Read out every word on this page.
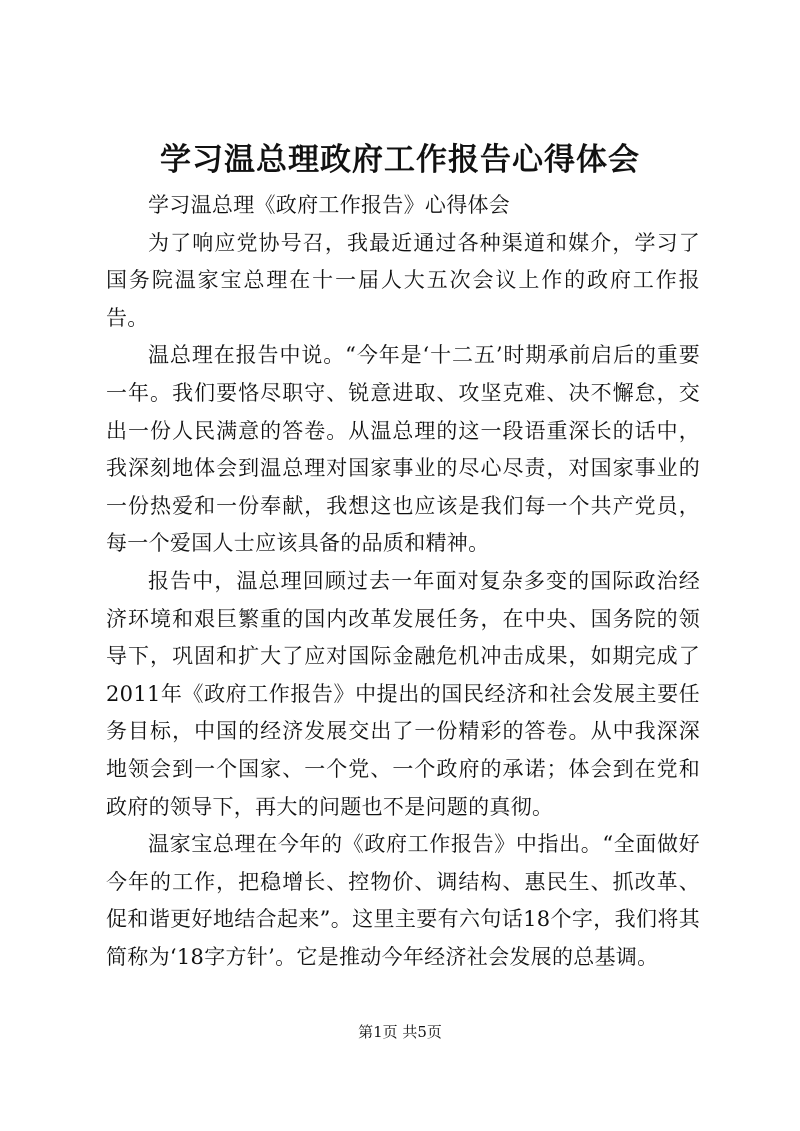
学习温总理政府工作报告心得体会

学习温总理《政府工作报告》心得体会

为了响应党协号召，我最近通过各种渠道和媒介，学习了国务院温家宝总理在十一届人大五次会议上作的政府工作报告。

温总理在报告中说。“今年是‘十二五’时期承前启后的重要一年。我们要恪尽职守、锐意进取、攻坚克难、决不懈怠，交出一份人民满意的答卷。从温总理的这一段语重深长的话中，我深刻地体会到温总理对国家事业的尽心尽责，对国家事业的一份热爱和一份奉献，我想这也应该是我们每一个共产党员，每一个爱国人士应该具备的品质和精神。

报告中，温总理回顾过去一年面对复杂多变的国际政治经济环境和艰巨繁重的国内改革发展任务，在中央、国务院的领导下，巩固和扩大了应对国际金融危机冲击成果，如期完成了2011年《政府工作报告》中提出的国民经济和社会发展主要任务目标，中国的经济发展交出了一份精彩的答卷。从中我深深地领会到一个国家、一个党、一个政府的承诺；体会到在党和政府的领导下，再大的问题也不是问题的真彻。

温家宝总理在今年的《政府工作报告》中指出。“全面做好今年的工作，把稳增长、控物价、调结构、惠民生、抓改革、促和谐更好地结合起来”。这里主要有六句话18个字，我们将其简称为‘18字方针’。它是推动今年经济社会发展的总基调。

第1页 共5页
